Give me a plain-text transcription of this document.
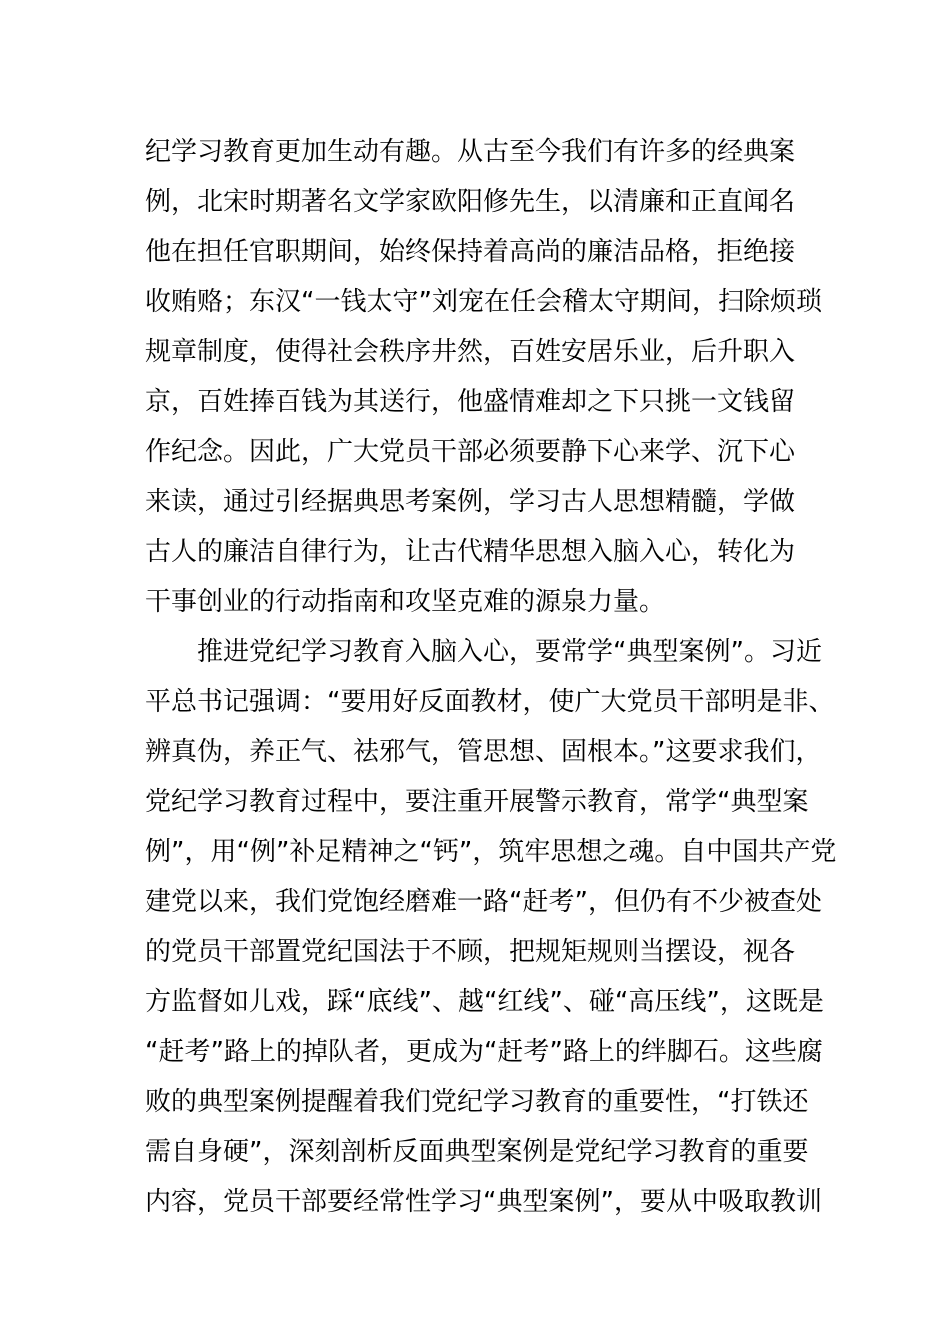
纪学习教育更加生动有趣。从古至今我们有许多的经典案
例，北宋时期著名文学家欧阳修先生，以清廉和正直闻名
他在担任官职期间，始终保持着高尚的廉洁品格，拒绝接
收贿赂；东汉“一钱太守”刘宠在任会稽太守期间，扫除烦琐
规章制度，使得社会秩序井然，百姓安居乐业，后升职入
京，百姓捧百钱为其送行，他盛情难却之下只挑一文钱留
作纪念。因此，广大党员干部必须要静下心来学、沉下心
来读，通过引经据典思考案例，学习古人思想精髓，学做
古人的廉洁自律行为，让古代精华思想入脑入心，转化为
干事创业的行动指南和攻坚克难的源泉力量。
推进党纪学习教育入脑入心，要常学“典型案例”。习近
平总书记强调：“要用好反面教材，使广大党员干部明是非、
辨真伪，养正气、祛邪气，管思想、固根本。”这要求我们，
党纪学习教育过程中，要注重开展警示教育，常学“典型案
例”，用“例”补足精神之“钙”，筑牢思想之魂。自中国共产党
建党以来，我们党饱经磨难一路“赶考”，但仍有不少被查处
的党员干部置党纪国法于不顾，把规矩规则当摆设，视各
方监督如儿戏，踩“底线”、越“红线”、碰“高压线”，这既是
“赶考”路上的掉队者，更成为“赶考”路上的绊脚石。这些腐
败的典型案例提醒着我们党纪学习教育的重要性，“打铁还
需自身硬”，深刻剖析反面典型案例是党纪学习教育的重要
内容，党员干部要经常性学习“典型案例”，要从中吸取教训
